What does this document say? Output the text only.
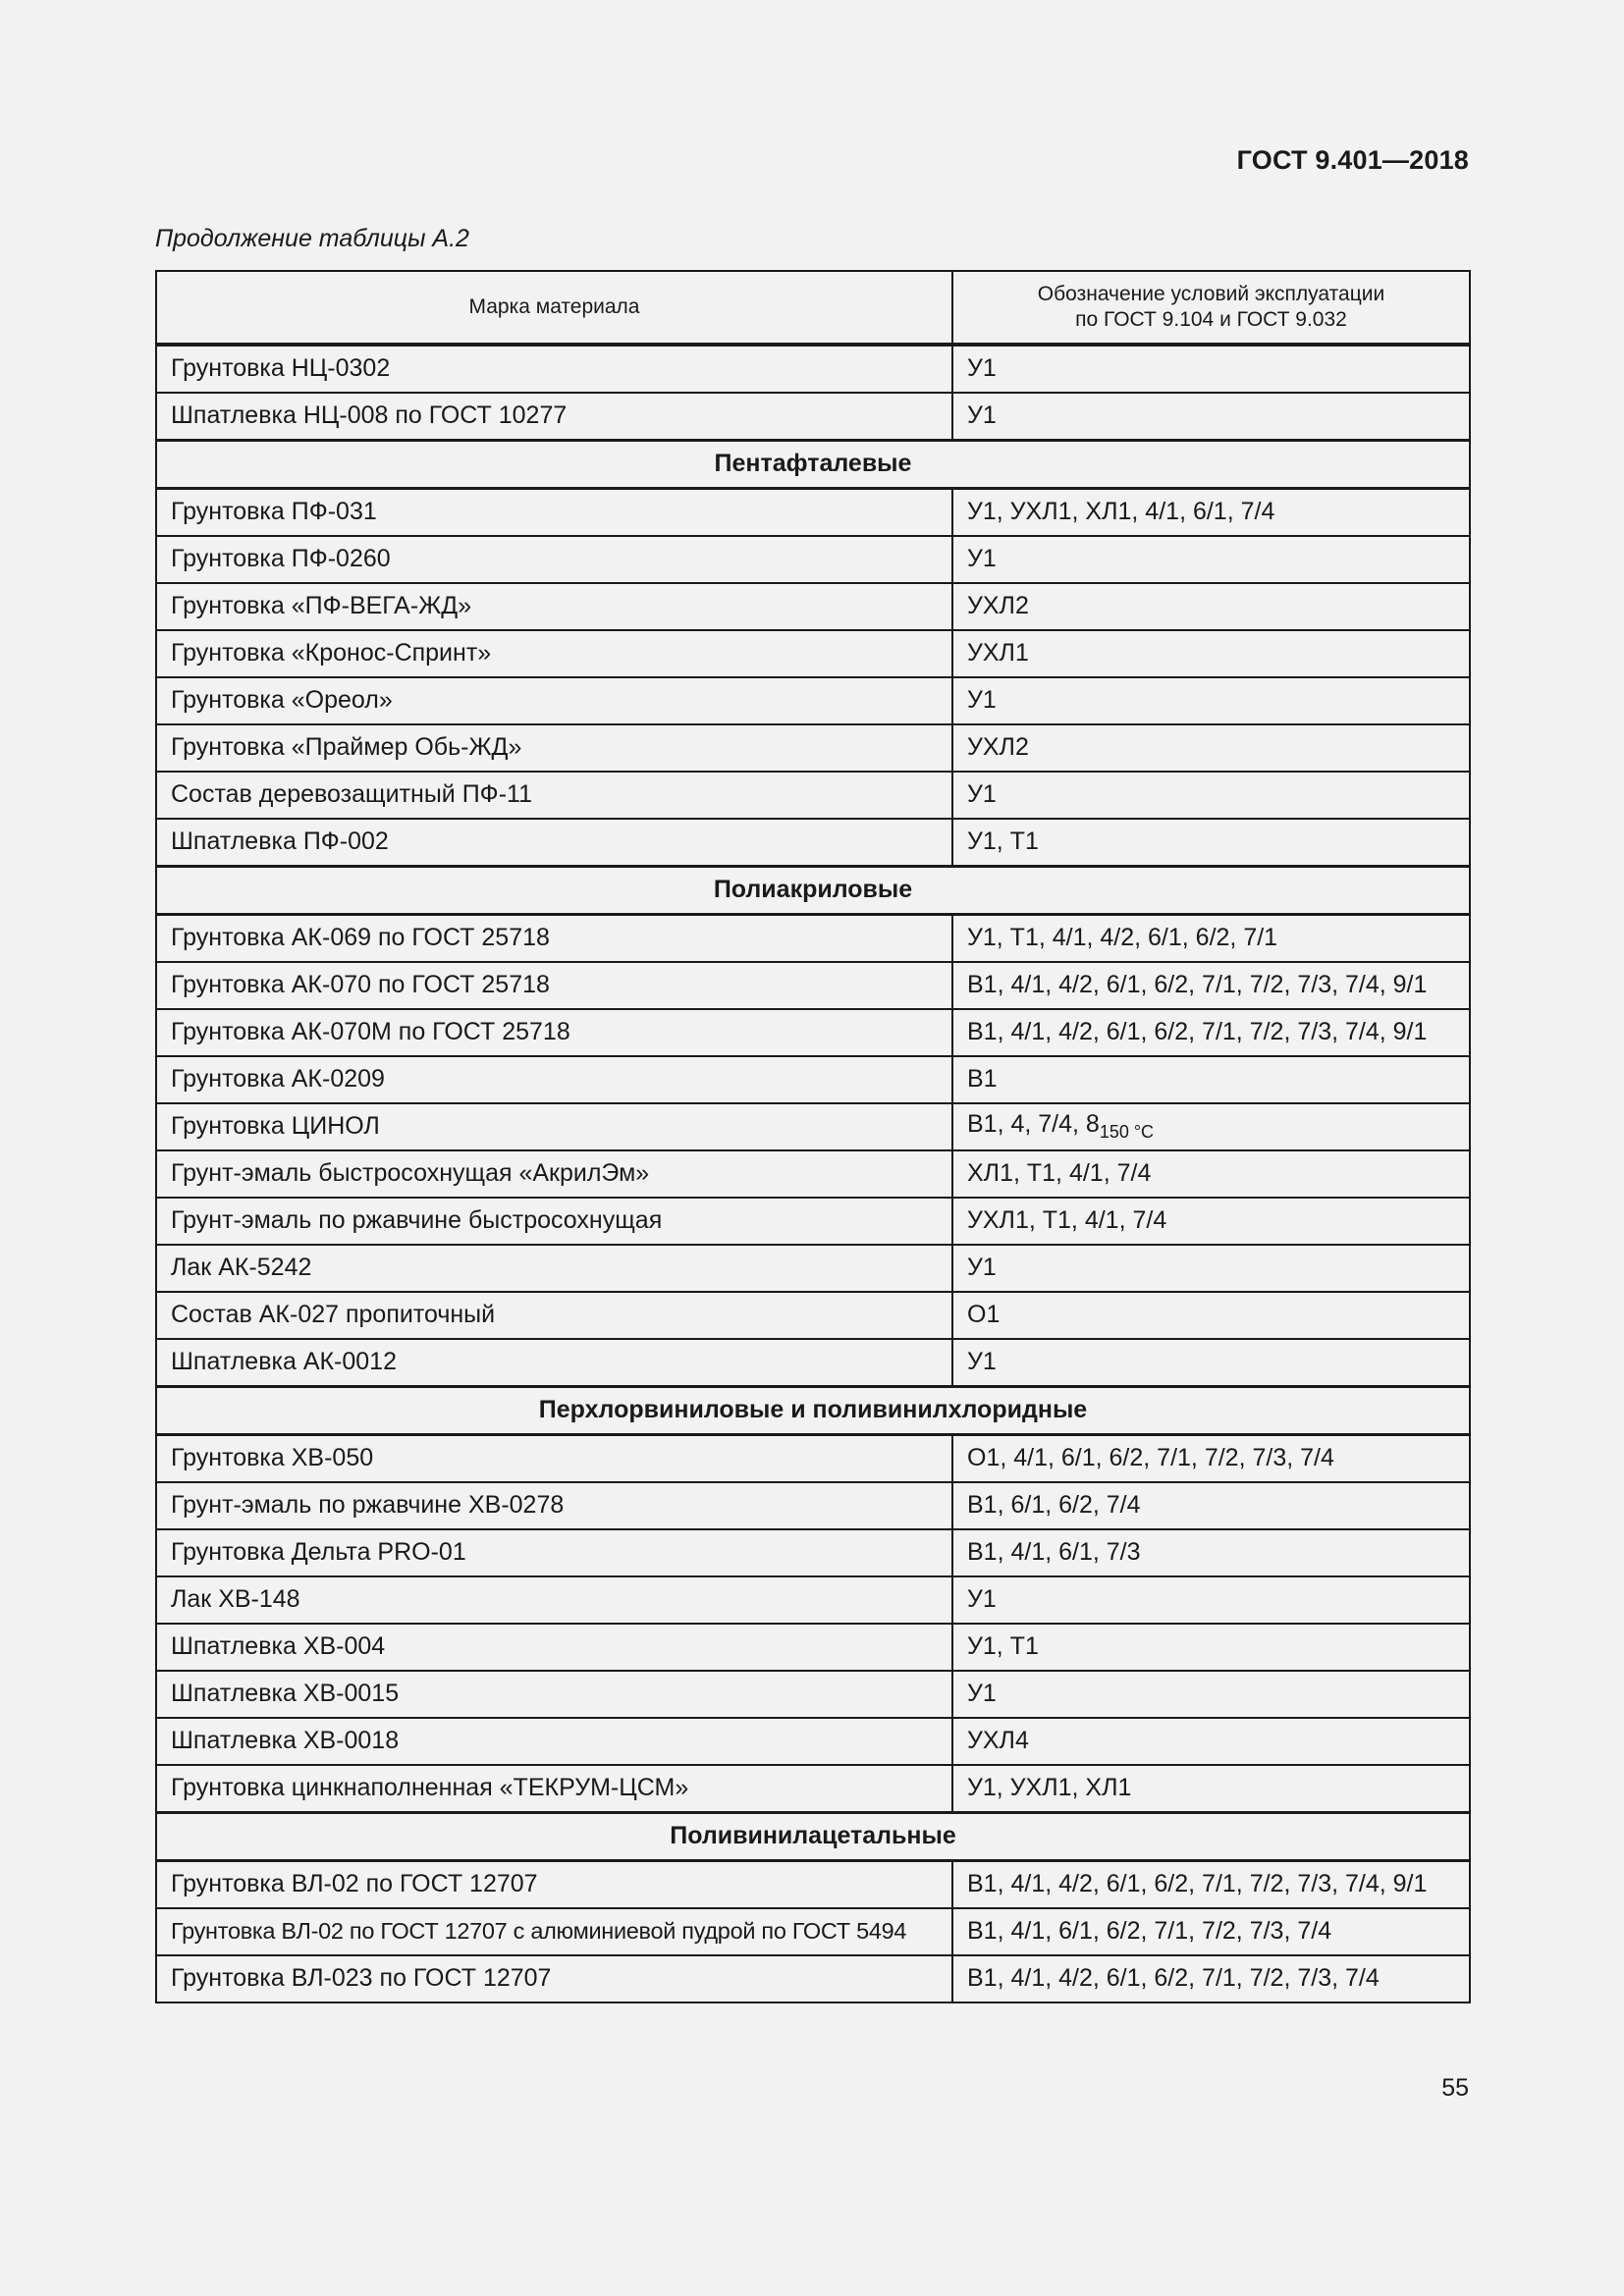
ГОСТ 9.401—2018
Продолжение таблицы А.2
Марка материала	Обозначение условий эксплуатации
по ГОСТ 9.104 и ГОСТ 9.032
Грунтовка НЦ-0302	У1
Шпатлевка НЦ-008 по ГОСТ 10277	У1
Пентафталевые	
Грунтовка ПФ-031	У1, УХЛ1, ХЛ1, 4/1, 6/1, 7/4
Грунтовка ПФ-0260	У1
Грунтовка «ПФ-ВЕГА-ЖД»	УХЛ2
Грунтовка «Кронос-Спринт»	УХЛ1
Грунтовка «Ореол»	У1
Грунтовка «Праймер Обь-ЖД»	УХЛ2
Состав деревозащитный ПФ-11	У1
Шпатлевка ПФ-002	У1, Т1
Полиакриловые	
Грунтовка АК-069 по ГОСТ 25718	У1, Т1, 4/1, 4/2, 6/1, 6/2, 7/1
Грунтовка АК-070 по ГОСТ 25718	В1, 4/1, 4/2, 6/1, 6/2, 7/1, 7/2, 7/3, 7/4, 9/1
Грунтовка АК-070М по ГОСТ 25718	В1, 4/1, 4/2, 6/1, 6/2, 7/1, 7/2, 7/3, 7/4, 9/1
Грунтовка АК-0209	В1
Грунтовка ЦИНОЛ	В1, 4, 7/4, $8_{150 ^\circ C}$
Грунт-эмаль быстросохнущая «АкрилЭм»	ХЛ1, Т1, 4/1, 7/4
Грунт-эмаль по ржавчине быстросохнущая	УХЛ1, Т1, 4/1, 7/4
Лак АК-5242	У1
Состав АК-027 пропиточный	О1
Шпатлевка АК-0012	У1
Перхлорвиниловые и поливинилхлоридные	
Грунтовка ХВ-050	О1, 4/1, 6/1, 6/2, 7/1, 7/2, 7/3, 7/4
Грунт-эмаль по ржавчине ХВ-0278	В1, 6/1, 6/2, 7/4
Грунтовка Дельта PRO-01	В1, 4/1, 6/1, 7/3
Лак ХВ-148	У1
Шпатлевка ХВ-004	У1, Т1
Шпатлевка ХВ-0015	У1
Шпатлевка ХВ-0018	УХЛ4
Грунтовка цинкнаполненная «ТЕКРУМ-ЦСМ»	У1, УХЛ1, ХЛ1
Поливинилацетальные	
Грунтовка ВЛ-02 по ГОСТ 12707	В1, 4/1, 4/2, 6/1, 6/2, 7/1, 7/2, 7/3, 7/4, 9/1
Грунтовка ВЛ-02 по ГОСТ 12707 с алюминиевой пудрой по ГОСТ 5494	В1, 4/1, 6/1, 6/2, 7/1, 7/2, 7/3, 7/4
Грунтовка ВЛ-023 по ГОСТ 12707	В1, 4/1, 4/2, 6/1, 6/2, 7/1, 7/2, 7/3, 7/4
55
